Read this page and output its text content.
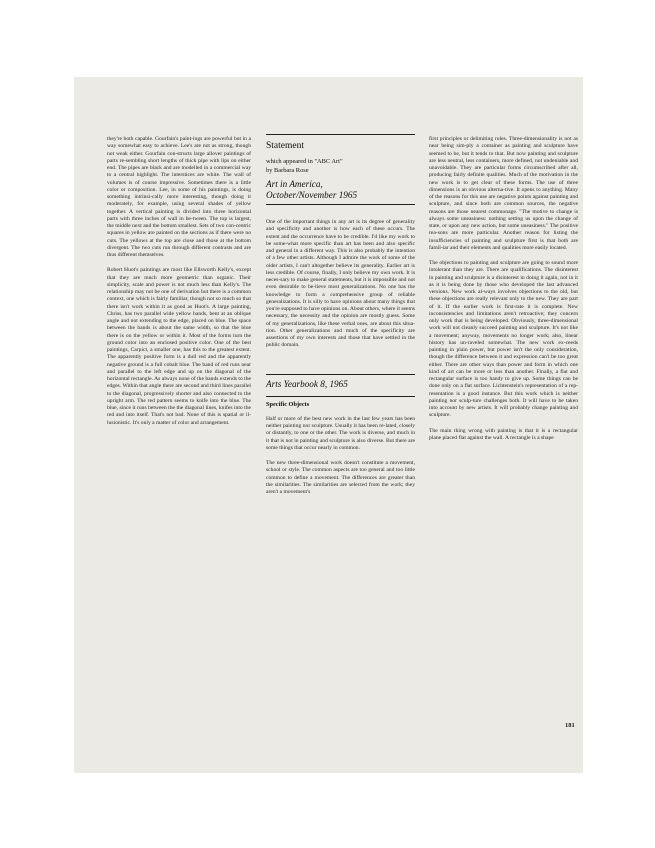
they're both capable. Gourfain's paint-ings are powerful but in a way somewhat easy to achieve. Lee's are not as strong, though not weak either. Gourfain con-structs large allover paintings of parts re-sembling short lengths of thick pipe with lips on either end. The pipes are black and are modelled in a commercial way to a central highlight. The interstices are white. The wall of volumes is of course impressive. Sometimes there is a little color or composition. Lee, in some of his paintings, is doing something intrinsi-cally more interesting, though doing it moderately, for example, using several shades of yellow together. A vertical painting is divided into three horizontal parts with three inches of wall in be-tween. The top is largest, the middle next and the bottom smallest. Sets of two con-centric squares in yellow are painted on the sections as if there were no cuts. The yellows at the top are close and those at the bottom divergent. The two cuts run through different contrasts and are thus different themselves.

Robert Huot's paintings are most like Ellsworth Kelly's, except that they are much more geometric than organic. Their simplicity, scale and power is not much less than Kelly's. The relationship may not be one of derivation but there is a common context, one which is fairly familiar, though not so much so that there isn't work within it as good as Huot's. A large painting, Chriss, has two parallel wide yellow bands, bent at an oblique angle and not extending to the edge, placed on blue. The space between the bands is about the same width, so that the blue there is on the yellow or within it. Most of the forms turn the ground color into an enclosed positive color. One of the best paintings, Carpict, a smaller one, has this to the greatest extent. The apparently positive form is a dull red and the apparently negative ground is a full cobalt blue. The band of red runs near and parallel to the left edge and up on the diagonal of the horizontal rectangle. As always none of the bands extends to the edges. Within that angle there are second and third lines parallel to the diagonal, progressively shorter and also connected to the upright arm. The red pattern seems to knife into the blue. The blue, since it runs between the the diagonal lines, knifes into the red and into itself. That's not bad. None of this is spatial or il-lusionistic. It's only a matter of color and arrangement.

Statement
which appeared in "ABC Art"
by Barbara Rose
Art in America,
October/November 1965

One of the important things in any art is its degree of generality and specificity and another is how each of these occurs. The extent and the occurrence have to be credible. I'd like my work to be some-what more specific than art has been and also specific and general in a different way. This is also probably the intention of a few other artists. Although I admire the work of some of the older artists, I can't altogether believe its generality. Earlier art is less credible. Of course, finally, I only believe my own work. It is neces-sary to make general statements, but it is impossible and not even desirable to be-lieve most generalizations. No one has the knowledge to form a comprehensive group of reliable generalizations. It is silly to have opinions about many things that you're supposed to have opinions on. About others, where it seems necessary, the necessity and the opinion are mostly guess. Some of my generalizations, like these verbal ones, are about this situa-tion. Other generalizations and much of the specificity are assertions of my own interests and those that have settled in the public domain.

Arts Yearbook 8, 1965
Specific Objects

Half or more of the best new work in the last few years has been neither painting nor sculpture. Usually it has been re-lated, closely or distantly, to one or the other. The work is diverse, and much in it that is not in painting and sculpture is also diverse. But there are some things that occur nearly in common.

The new three-dimensional work doesn't constitute a movement, school or style. The common aspects are too general and too little common to define a movement. The differences are greater than the similarities. The similarities are selected from the work; they aren't a movement's

first principles or delimiting rules. Three-dimensionality is not as near being sim-ply a container as painting and sculpture have seemed to be, but it tends to that. But now painting and sculpture are less neutral, less containers, more defined, not undeniable and unavoidable. They are particular forms circumscribed after all, producing fairly definite qualities. Much of the motivation in the new work is to get clear of these forms. The use of three dimensions is an obvious alterna-tive. It opens to anything. Many of the reasons for this use are negative points against painting and sculpture, and since both are common sources, the negative reasons are those nearest commonage. "The motive to change is always some uneasiness: nothing setting us upon the change of state, or upon any new action, but some uneasiness." The positive rea-sons are more particular. Another reason for listing the insufficiencies of painting and sculpture first is that both are famil-iar and their elements and qualities more easily located.

The objections to painting and sculpture are going to sound more intolerant than they are. There are qualifications. The disinterest in painting and sculpture is a disinterest in doing it again, not in it as it is being done by those who developed the last advanced versions. New work al-ways involves objections to the old, but these objections are really relevant only to the new. They are part of it. If the earlier work is first-rate it is complete. New inconsistencies and limitations aren't retroactive; they concern only work that is being developed. Obviously, three-dimensional work will not cleanly succeed painting and sculpture. It's not like a movement; anyway, movements no longer work; also, linear history has un-raveled somewhat. The new work ex-ceeds painting in plain power, but power isn't the only consideration, though the difference between it and expression can't be too great either. There are other ways than power and form in which one kind of art can be more or less than another. Finally, a flat and rectangular surface is too handy to give up. Some things can be done only on a flat surface. Lichtenstein's representation of a rep-resentation is a good instance. But this work which is neither painting nor sculp-ture challenges both. It will have to be taken into account by new artists. It will probably change painting and sculpture.

The main thing wrong with painting is that it is a rectangular plane placed flat against the wall. A rectangle is a shape

181
